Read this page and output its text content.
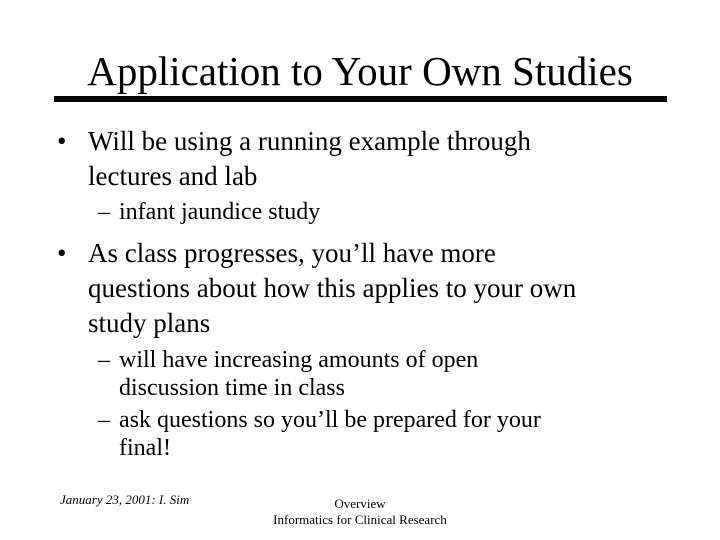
Application to Your Own Studies
• Will be using a running example through
lectures and lab
– infant jaundice study
• As class progresses, you’ll have more
questions about how this applies to your own
study plans
– will have increasing amounts of open
discussion time in class
– ask questions so you’ll be prepared for your
final!
January 23, 2001: I. Sim	Overview
Informatics for Clinical Research
